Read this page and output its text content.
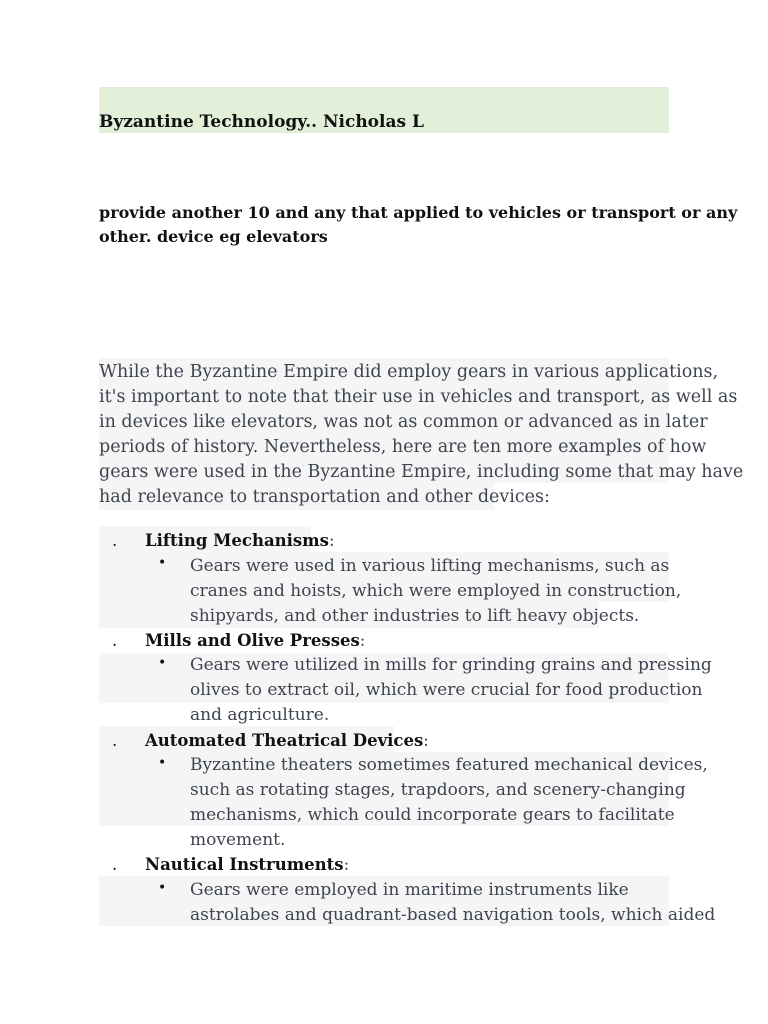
Byzantine Technology.. Nicholas L
provide another 10 and any that applied to vehicles or transport or any
other. device eg elevators
While the Byzantine Empire did employ gears in various applications,
it's important to note that their use in vehicles and transport, as well as
in devices like elevators, was not as common or advanced as in later
periods of history. Nevertheless, here are ten more examples of how
gears were used in the Byzantine Empire, including some that may have
had relevance to transportation and other devices:
. Lifting Mechanisms:
•	Gears were used in various lifting mechanisms, such as
cranes and hoists, which were employed in construction,
shipyards, and other industries to lift heavy objects.
. Mills and Olive Presses:
•	Gears were utilized in mills for grinding grains and pressing
olives to extract oil, which were crucial for food production
and agriculture.
. Automated Theatrical Devices:
•	Byzantine theaters sometimes featured mechanical devices,
such as rotating stages, trapdoors, and scenery-changing
mechanisms, which could incorporate gears to facilitate
movement.
. Nautical Instruments:
•	Gears were employed in maritime instruments like
astrolabes and quadrant-based navigation tools, which aided
